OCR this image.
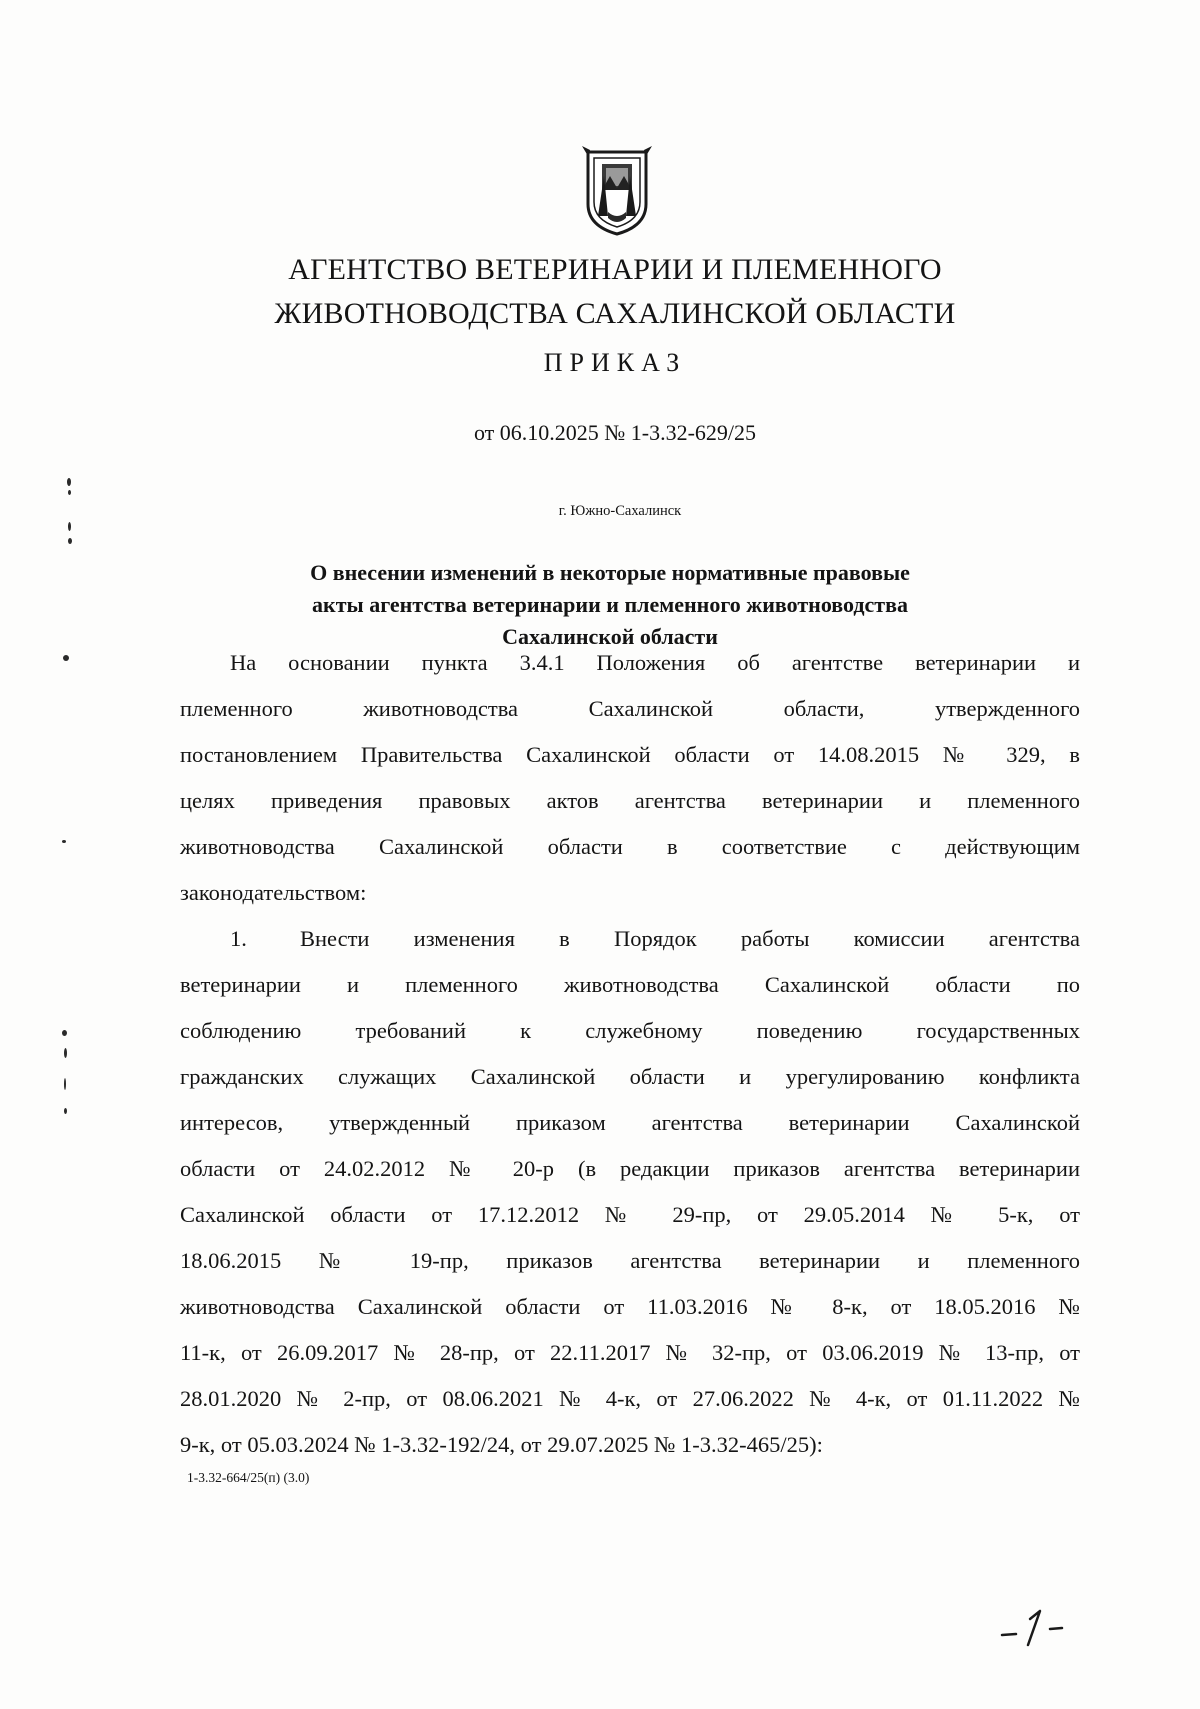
АГЕНТСТВО ВЕТЕРИНАРИИ И ПЛЕМЕННОГО
ЖИВОТНОВОДСТВА САХАЛИНСКОЙ ОБЛАСТИ
ПРИКАЗ
от 06.10.2025 № 1-3.32-629/25
г. Южно-Сахалинск
О внесении изменений в некоторые нормативные правовые
акты агентства ветеринарии и племенного животноводства
Сахалинской области
На основании пункта 3.4.1 Положения об агентстве ветеринарии и
племенного животноводства Сахалинской области, утвержденного
постановлением Правительства Сахалинской области от 14.08.2015 № 329, в
целях приведения правовых актов агентства ветеринарии и племенного
животноводства Сахалинской области в соответствие с действующим
законодательством:
1. Внести изменения в Порядок работы комиссии агентства
ветеринарии и племенного животноводства Сахалинской области по
соблюдению требований к служебному поведению государственных
гражданских служащих Сахалинской области и урегулированию конфликта
интересов, утвержденный приказом агентства ветеринарии Сахалинской
области от 24.02.2012 № 20-р (в редакции приказов агентства ветеринарии
Сахалинской области от 17.12.2012 № 29-пр, от 29.05.2014 № 5-к, от
18.06.2015 № 19-пр, приказов агентства ветеринарии и племенного
животноводства Сахалинской области от 11.03.2016 № 8-к, от 18.05.2016 №
11-к, от 26.09.2017 № 28-пр, от 22.11.2017 № 32-пр, от 03.06.2019 № 13-пр, от
28.01.2020 № 2-пр, от 08.06.2021 № 4-к, от 27.06.2022 № 4-к, от 01.11.2022 №
9-к, от 05.03.2024 № 1-3.32-192/24, от 29.07.2025 № 1-3.32-465/25):
1-3.32-664/25(п) (3.0)
